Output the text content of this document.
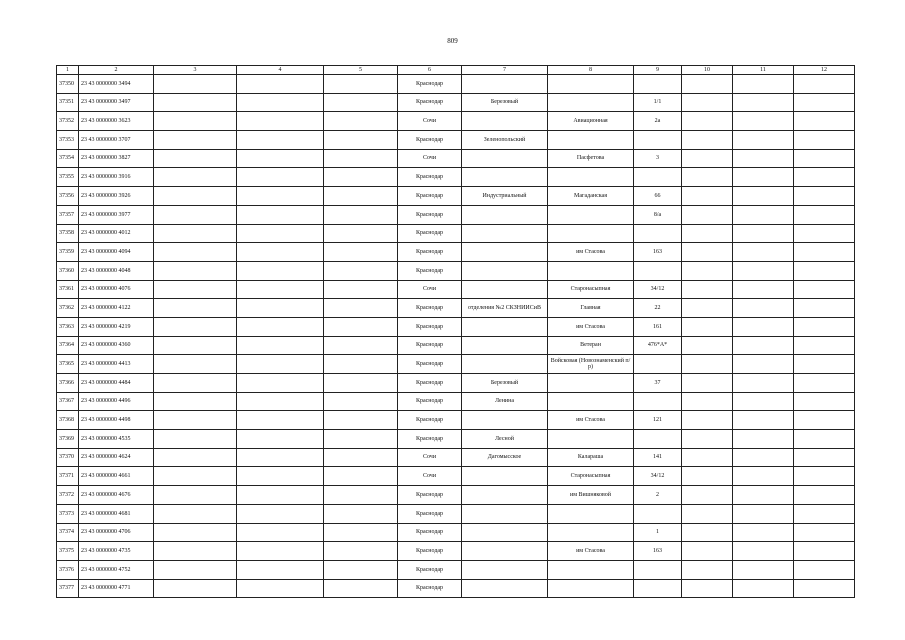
809
1	2	3	4	5	6	7	8	9	10	11	12
37350	23 43 0000000 3494				Краснодар						
37351	23 43 0000000 3497				Краснодар	Березовый		1/1			
37352	23 43 0000000 3623				Сочи		Авиационная	2а			
37353	23 43 0000000 3707				Краснодар	Зеленопольский					
37354	23 43 0000000 3827				Сочи		Пасфетова	3			
37355	23 43 0000000 3916				Краснодар						
37356	23 43 0000000 3926				Краснодар	Индустриальный	Магаданская	66			
37357	23 43 0000000 3977				Краснодар			8/а			
37358	23 43 0000000 4012				Краснодар						
37359	23 43 0000000 4094				Краснодар		им Стасова	163			
37360	23 43 0000000 4048				Краснодар						
37361	23 43 0000000 4076				Сочи		Старонасыпная	34/12			
37362	23 43 0000000 4122				Краснодар	отделения №2 СКЗНИИСиВ	Главная	22			
37363	23 43 0000000 4219				Краснодар		им Стасова	161			
37364	23 43 0000000 4360				Краснодар		Ветеран	476*А*			
37365	23 43 0000000 4413				Краснодар		Войсковая (Новознаменский п/р)				
37366	23 43 0000000 4484				Краснодар	Березовый		37			
37367	23 43 0000000 4496				Краснодар	Ленина					
37368	23 43 0000000 4498				Краснодар		им Стасова	121			
37369	23 43 0000000 4535				Краснодар	Лесной					
37370	23 43 0000000 4624				Сочи	Дагомысское	Калараша	141			
37371	23 43 0000000 4661				Сочи		Старонасыпная	34/12			
37372	23 43 0000000 4676				Краснодар		им Вишняковой	2			
37373	23 43 0000000 4681				Краснодар						
37374	23 43 0000000 4706				Краснодар			1			
37375	23 43 0000000 4735				Краснодар		им Стасова	163			
37376	23 43 0000000 4752				Краснодар						
37377	23 43 0000000 4771				Краснодар						
